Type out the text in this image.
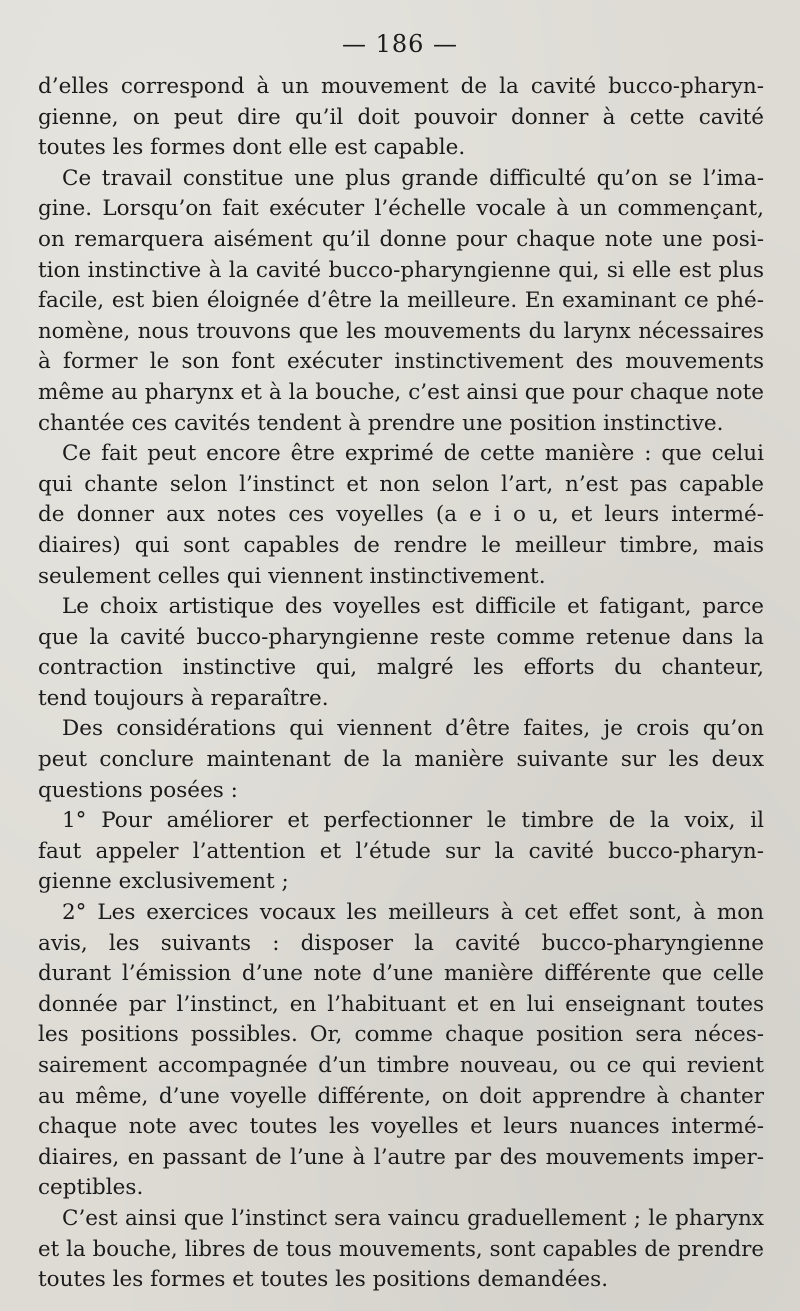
— 186 —
d’elles correspond à un mouvement de la cavité bucco-pharyn-
gienne, on peut dire qu’il doit pouvoir donner à cette cavité
toutes les formes dont elle est capable.
Ce travail constitue une plus grande difficulté qu’on se l’ima-
gine. Lorsqu’on fait exécuter l’échelle vocale à un commençant,
on remarquera aisément qu’il donne pour chaque note une posi-
tion instinctive à la cavité bucco-pharyngienne qui, si elle est plus
facile, est bien éloignée d’être la meilleure. En examinant ce phé-
nomène, nous trouvons que les mouvements du larynx nécessaires
à former le son font exécuter instinctivement des mouvements
même au pharynx et à la bouche, c’est ainsi que pour chaque note
chantée ces cavités tendent à prendre une position instinctive.
Ce fait peut encore être exprimé de cette manière : que celui
qui chante selon l’instinct et non selon l’art, n’est pas capable
de donner aux notes ces voyelles (a e i o u, et leurs intermé-
diaires) qui sont capables de rendre le meilleur timbre, mais
seulement celles qui viennent instinctivement.
Le choix artistique des voyelles est difficile et fatigant, parce
que la cavité bucco-pharyngienne reste comme retenue dans la
contraction instinctive qui, malgré les efforts du chanteur,
tend toujours à reparaître.
Des considérations qui viennent d’être faites, je crois qu’on
peut conclure maintenant de la manière suivante sur les deux
questions posées :
1° Pour améliorer et perfectionner le timbre de la voix, il
faut appeler l’attention et l’étude sur la cavité bucco-pharyn-
gienne exclusivement ;
2° Les exercices vocaux les meilleurs à cet effet sont, à mon
avis, les suivants : disposer la cavité bucco-pharyngienne
durant l’émission d’une note d’une manière différente que celle
donnée par l’instinct, en l’habituant et en lui enseignant toutes
les positions possibles. Or, comme chaque position sera néces-
sairement accompagnée d’un timbre nouveau, ou ce qui revient
au même, d’une voyelle différente, on doit apprendre à chanter
chaque note avec toutes les voyelles et leurs nuances intermé-
diaires, en passant de l’une à l’autre par des mouvements imper-
ceptibles.
C’est ainsi que l’instinct sera vaincu graduellement ; le pharynx
et la bouche, libres de tous mouvements, sont capables de prendre
toutes les formes et toutes les positions demandées.
